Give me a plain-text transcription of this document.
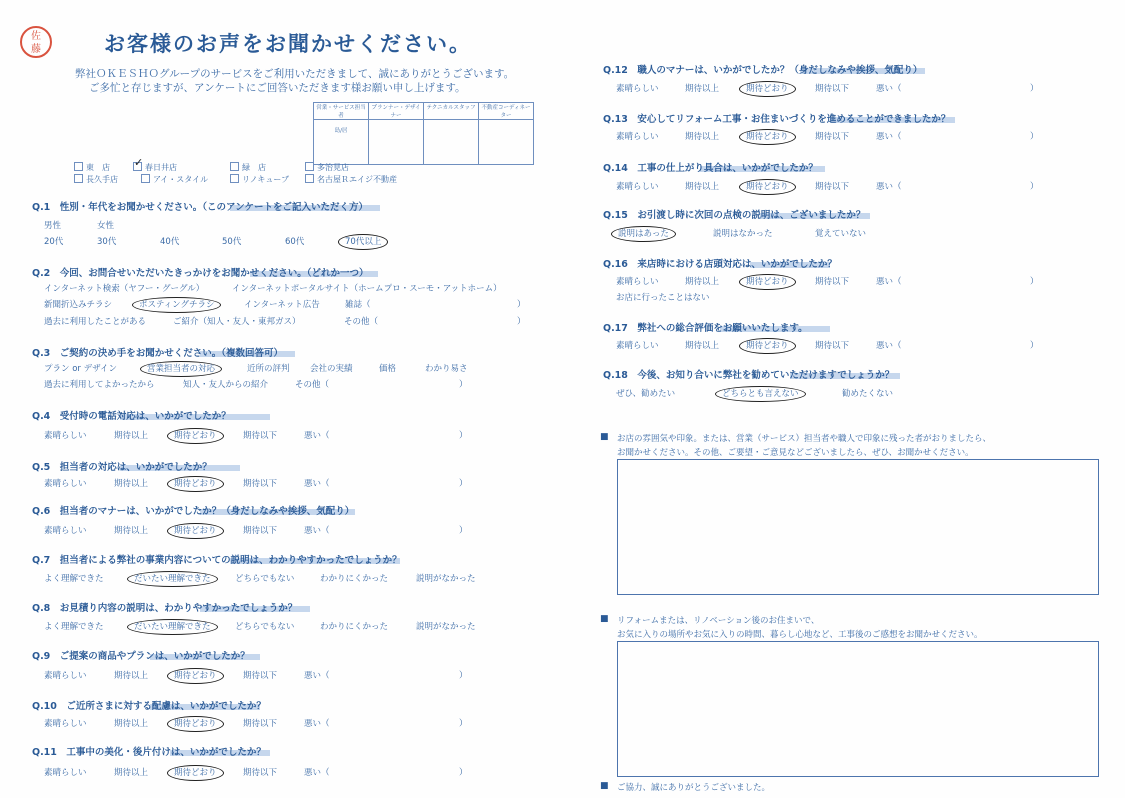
佐
藤	お客様のお声をお聞かせください。
弊社ＯＫＥＳＨＯグループのサービスをご利用いただきまして、誠にありがとうございます。
ご多忙と存じますが、アンケートにご回答いただきます様お願い申し上げます。
営業・サービス担当者	プランナー・デザイナー	テクニカルスタッフ	不動産コーディネーター
島/居			
東　店 ✓	春日井店	緑　店	多治見店
長久手店	アイ・スタイル	リノキューブ	名古屋Ｒエイジ不動産
Q.1　性別・年代をお聞かせください。（このアンケートをご記入いただく方）
男性	女性
20代	30代	40代	50代	60代	70代以上
Q.2　今回、お問合せいただいたきっかけをお聞かせください。（どれか一つ）
インターネット検索（ヤフー・グーグル）	インターネットポータルサイト（ホームプロ・スーモ・アットホーム）
新聞折込みチラシ	ポスティングチラシ	インターネット広告	雑誌（	）
過去に利用したことがある	ご紹介（知人・友人・東邦ガス）	その他（	）
Q.3　ご契約の決め手をお聞かせください。（複数回答可）
プラン or デザイン	営業担当者の対応	近所の評判 会社の実績	価格	わかり易さ
過去に利用してよかったから	知人・友人からの紹介	その他（	）
Q.4　受付時の電話対応は、いかがでしたか？
素晴らしい	期待以上	期待どおり	期待以下	悪い（	）
Q.5　担当者の対応は、いかがでしたか？
素晴らしい	期待以上	期待どおり	期待以下	悪い（	）
Q.6　担当者のマナーは、いかがでしたか？（身だしなみや挨拶、気配り）
素晴らしい	期待以上	期待どおり	期待以下	悪い（	）
Q.7　担当者による弊社の事業内容についての説明は、わかりやすかったでしょうか？
よく理解できた	だいたい理解できた	どちらでもない	わかりにくかった	説明がなかった
Q.8　お見積り内容の説明は、わかりやすかったでしょうか？
よく理解できた	だいたい理解できた	どちらでもない	わかりにくかった	説明がなかった
Q.9　ご提案の商品やプランは、いかがでしたか？
素晴らしい	期待以上	期待どおり	期待以下	悪い（	）
Q.10　ご近所さまに対する配慮は、いかがでしたか？
素晴らしい	期待以上	期待どおり	期待以下	悪い（	）
Q.11　工事中の美化・後片付けは、いかがでしたか？
素晴らしい	期待以上	期待どおり	期待以下	悪い（	）
Q.12　職人のマナーは、いかがでしたか？（身だしなみや挨拶、気配り）
素晴らしい	期待以上	期待どおり	期待以下	悪い（	）
Q.13　安心してリフォーム工事・お住まいづくりを進めることができましたか？
素晴らしい	期待以上	期待どおり	期待以下	悪い（	）
Q.14　工事の仕上がり具合は、いかがでしたか？
素晴らしい	期待以上	期待どおり	期待以下	悪い（	）
Q.15　お引渡し時に次回の点検の説明は、ございましたか？
説明はあった	説明はなかった	覚えていない
Q.16　来店時における店頭対応は、いかがでしたか？
素晴らしい	期待以上	期待どおり	期待以下	悪い（	）
お店に行ったことはない
Q.17　弊社への総合評価をお願いいたします。
素晴らしい	期待以上	期待どおり	期待以下	悪い（	）
Q.18　今後、お知り合いに弊社を勧めていただけますでしょうか？
ぜひ、勧めたい	どちらとも言えない	勧めたくない
■ お店の雰囲気や印象。または、営業（サービス）担当者や職人で印象に残った者がおりましたら、
お聞かせください。その他、ご要望・ご意見などございましたら、ぜひ、お聞かせください。
■ リフォームまたは、リノベーション後のお住まいで、
お気に入りの場所やお気に入りの時間、暮らし心地など、工事後のご感想をお聞かせください。
■ ご協力、誠にありがとうございました。
